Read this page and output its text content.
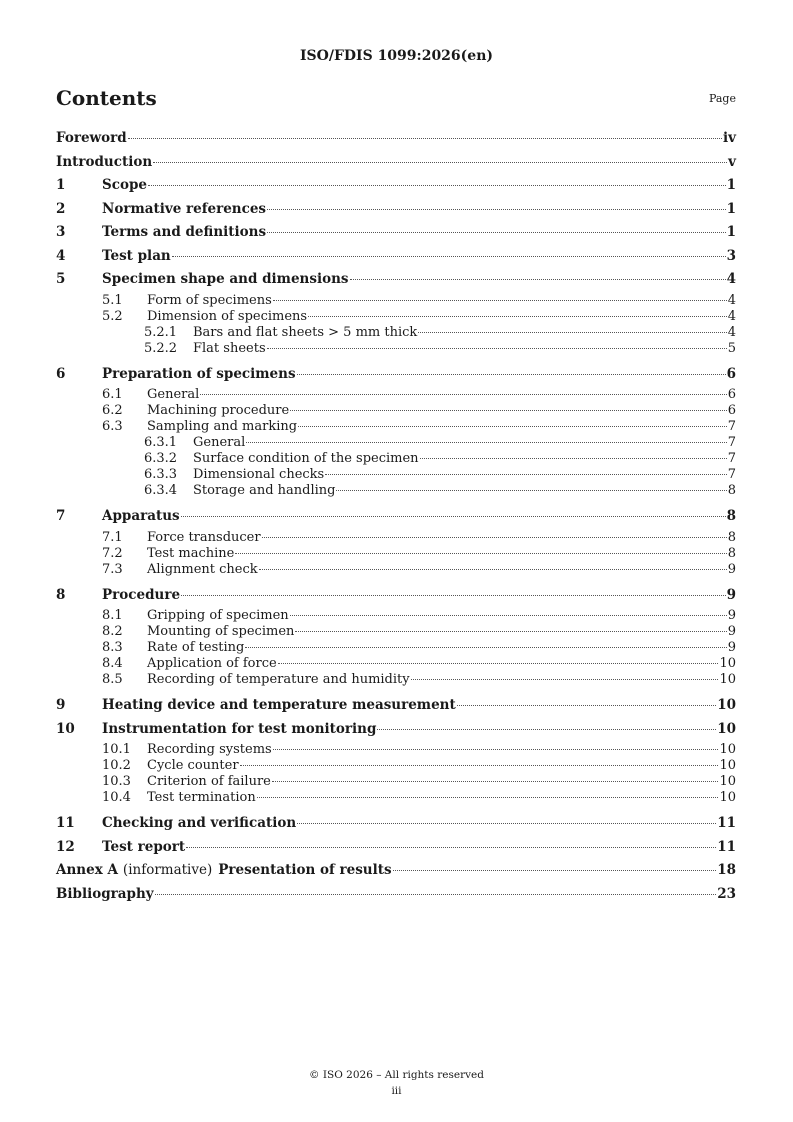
ISO/FDIS 1099:2026(en)
Contents	Page
Foreword	iv
Introduction	v
1	Scope	1
2	Normative references	1
3	Terms and definitions	1
4	Test plan	3
5	Specimen shape and dimensions	4
5.1	Form of specimens	4
5.2	Dimension of specimens	4
5.2.1	Bars and flat sheets > 5 mm thick	4
5.2.2	Flat sheets	5
6	Preparation of specimens	6
6.1	General	6
6.2	Machining procedure	6
6.3	Sampling and marking	7
6.3.1	General	7
6.3.2	Surface condition of the specimen	7
6.3.3	Dimensional checks	7
6.3.4	Storage and handling	8
7	Apparatus	8
7.1	Force transducer	8
7.2	Test machine	8
7.3	Alignment check	9
8	Procedure	9
8.1	Gripping of specimen	9
8.2	Mounting of specimen	9
8.3	Rate of testing	9
8.4	Application of force	10
8.5	Recording of temperature and humidity	10
9	Heating device and temperature measurement	10
10	Instrumentation for test monitoring	10
10.1	Recording systems	10
10.2	Cycle counter	10
10.3	Criterion of failure	10
10.4	Test termination	10
11	Checking and verification	11
12	Test report	11
Annex A (informative) Presentation of results	18
Bibliography	23
© ISO 2026 – All rights reserved
iii
